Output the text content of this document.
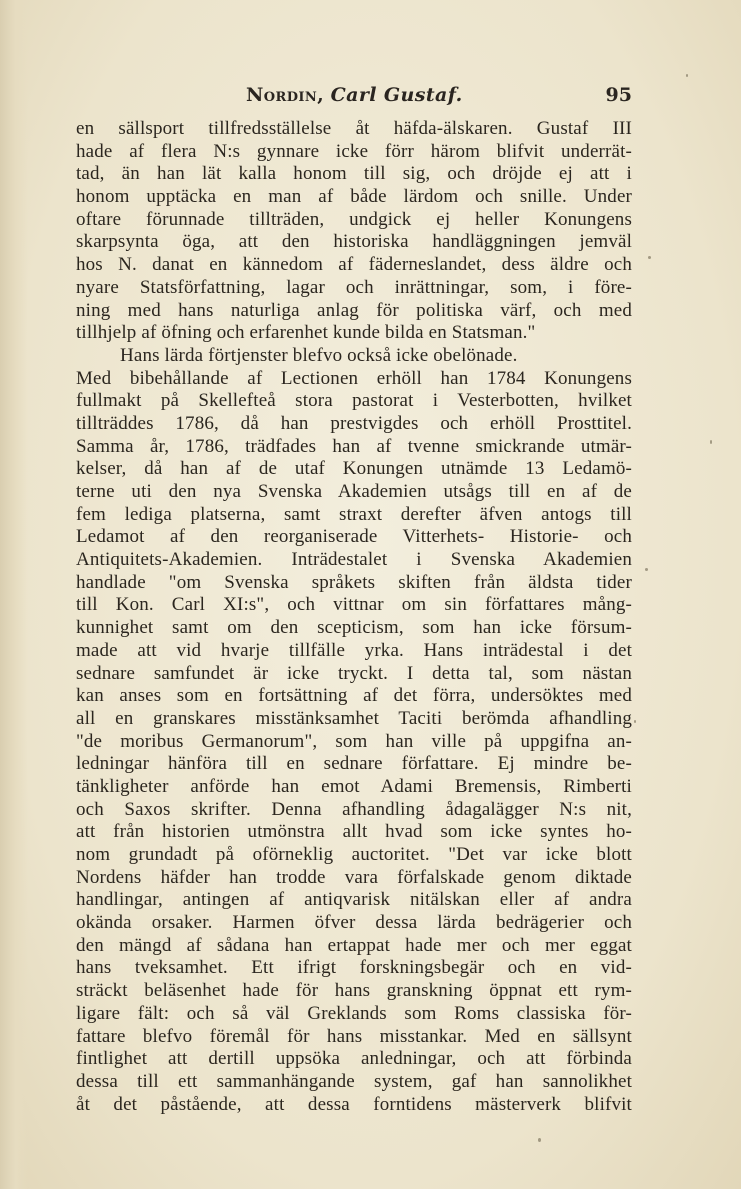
Nordin, Carl Gustaf.	95
en sällsport tillfredsställelse åt häfda-älskaren. Gustaf III
hade af flera N:s gynnare icke förr härom blifvit underrät-
tad, än han lät kalla honom till sig, och dröjde ej att i
honom upptäcka en man af både lärdom och snille. Under
oftare förunnade tillträden, undgick ej heller Konungens
skarpsynta öga, att den historiska handläggningen jemväl
hos N. danat en kännedom af fäderneslandet, dess äldre och
nyare Statsförfattning, lagar och inrättningar, som, i före-
ning med hans naturliga anlag för politiska värf, och med
tillhjelp af öfning och erfarenhet kunde bilda en Statsman."
Hans lärda förtjenster blefvo också icke obelönade.
Med bibehållande af Lectionen erhöll han 1784 Konungens
fullmakt på Skellefteå stora pastorat i Vesterbotten, hvilket
tillträddes 1786, då han prestvigdes och erhöll Prosttitel.
Samma år, 1786, trädfades han af tvenne smickrande utmär-
kelser, då han af de utaf Konungen utnämde 13 Ledamö-
terne uti den nya Svenska Akademien utsågs till en af de
fem lediga platserna, samt straxt derefter äfven antogs till
Ledamot af den reorganiserade Vitterhets- Historie- och
Antiquitets-Akademien. Inträdestalet i Svenska Akademien
handlade "om Svenska språkets skiften från äldsta tider
till Kon. Carl XI:s", och vittnar om sin författares mång-
kunnighet samt om den scepticism, som han icke försum-
made att vid hvarje tillfälle yrka. Hans inträdestal i det
sednare samfundet är icke tryckt. I detta tal, som nästan
kan anses som en fortsättning af det förra, undersöktes med
all en granskares misstänksamhet Taciti berömda afhandling
"de moribus Germanorum", som han ville på uppgifna an-
ledningar hänföra till en sednare författare. Ej mindre be-
tänkligheter anförde han emot Adami Bremensis, Rimberti
och Saxos skrifter. Denna afhandling ådagalägger N:s nit,
att från historien utmönstra allt hvad som icke syntes ho-
nom grundadt på oförneklig auctoritet. "Det var icke blott
Nordens häfder han trodde vara förfalskade genom diktade
handlingar, antingen af antiqvarisk nitälskan eller af andra
okända orsaker. Harmen öfver dessa lärda bedrägerier och
den mängd af sådana han ertappat hade mer och mer eggat
hans tveksamhet. Ett ifrigt forskningsbegär och en vid-
sträckt beläsenhet hade för hans granskning öppnat ett rym-
ligare fält: och så väl Greklands som Roms classiska för-
fattare blefvo föremål för hans misstankar. Med en sällsynt
fintlighet att dertill uppsöka anledningar, och att förbinda
dessa till ett sammanhängande system, gaf han sannolikhet
åt det påstående, att dessa forntidens mästerverk blifvit
